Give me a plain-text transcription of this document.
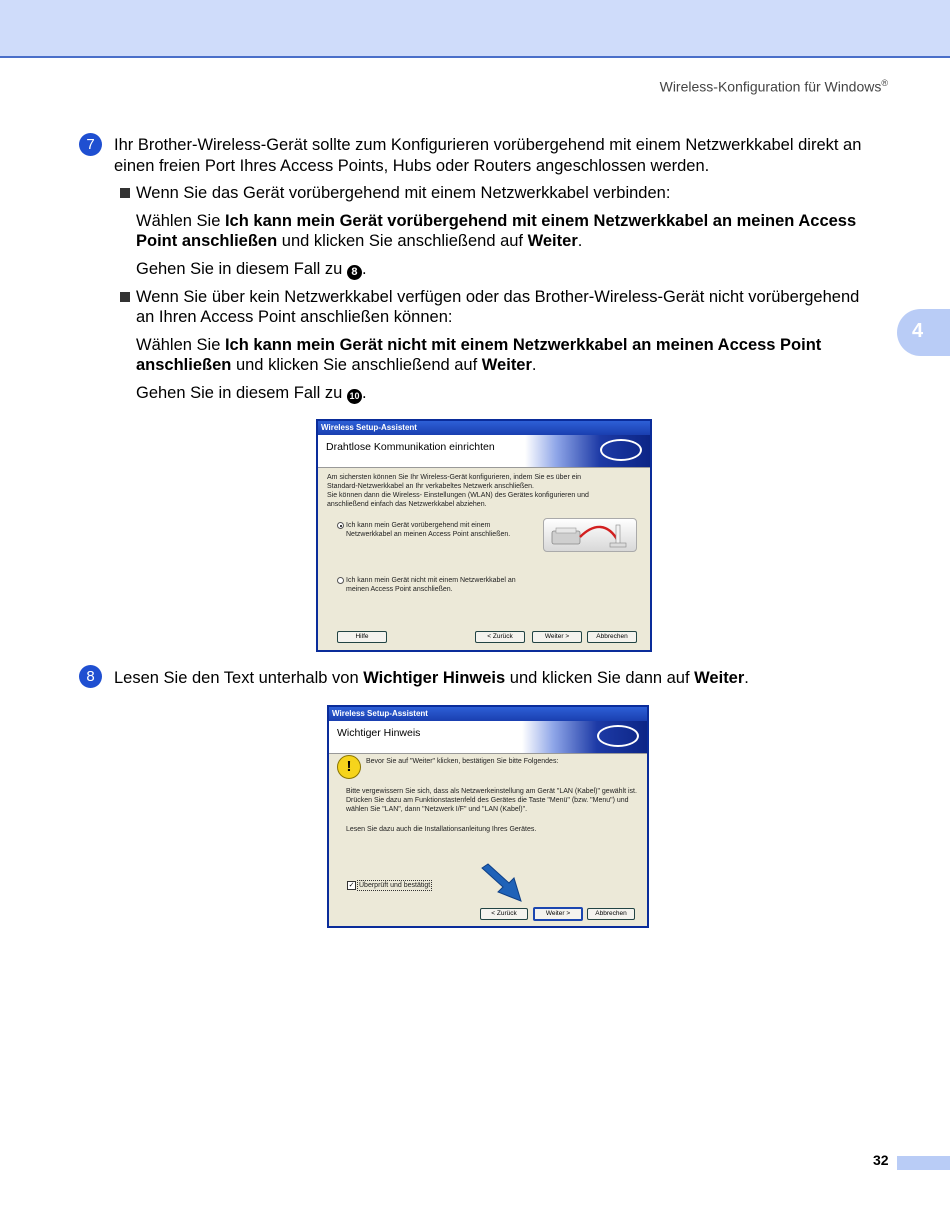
Wireless-Konfiguration für Windows®
4
7	Ihr Brother-Wireless-Gerät sollte zum Konfigurieren vorübergehend mit einem Netzwerkkabel direkt an
einen freien Port Ihres Access Points, Hubs oder Routers angeschlossen werden.
Wenn Sie das Gerät vorübergehend mit einem Netzwerkkabel verbinden:
Wählen Sie Ich kann mein Gerät vorübergehend mit einem Netzwerkkabel an meinen Access
Point anschließen und klicken Sie anschließend auf Weiter.
Gehen Sie in diesem Fall zu 8 .
Wenn Sie über kein Netzwerkkabel verfügen oder das Brother-Wireless-Gerät nicht vorübergehend
an Ihren Access Point anschließen können:
Wählen Sie Ich kann mein Gerät nicht mit einem Netzwerkkabel an meinen Access Point
anschließen und klicken Sie anschließend auf Weiter.
Gehen Sie in diesem Fall zu 10 .
Wireless Setup-Assistent
Drahtlose Kommunikation einrichten
Am sichersten können Sie Ihr Wireless-Gerät konfigurieren, indem Sie es über ein
Standard-Netzwerkkabel an Ihr verkabeltes Netzwerk anschließen.
Sie können dann die Wireless- Einstellungen (WLAN) des Gerätes konfigurieren und
anschließend einfach das Netzwerkkabel abziehen.
Ich kann mein Gerät vorübergehend mit einem
Netzwerkkabel an meinen Access Point anschließen.
Ich kann mein Gerät nicht mit einem Netzwerkkabel an
meinen Access Point anschließen.
Hilfe	< Zurück	Weiter >	Abbrechen
8	Lesen Sie den Text unterhalb von Wichtiger Hinweis und klicken Sie dann auf Weiter.
Wireless Setup-Assistent
Wichtiger Hinweis
!	Bevor Sie auf "Weiter" klicken, bestätigen Sie bitte Folgendes:
Bitte vergewissern Sie sich, dass als Netzwerkeinstellung am Gerät "LAN (Kabel)" gewählt ist.
Drücken Sie dazu am Funktionstastenfeld des Gerätes die Taste "Menü" (bzw. "Menu") und
wählen Sie "LAN", dann "Netzwerk I/F" und "LAN (Kabel)".
Lesen Sie dazu auch die Installationsanleitung Ihres Gerätes.
✓ Überprüft und bestätigt
< Zurück	Weiter >	Abbrechen
32
